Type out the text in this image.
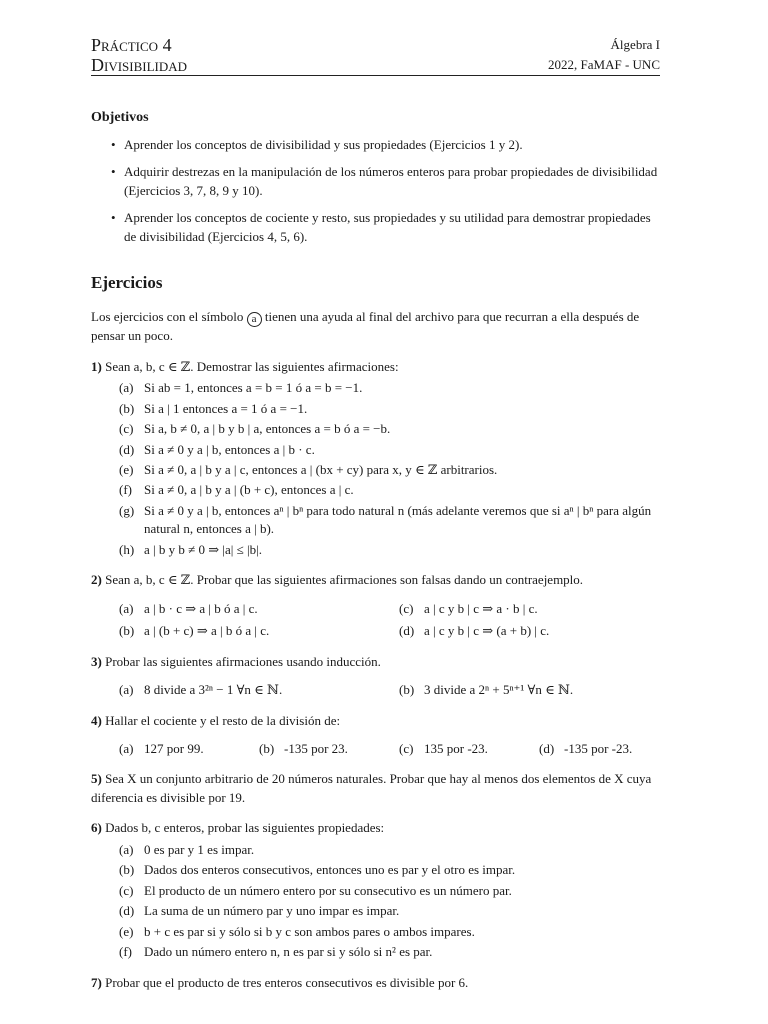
Práctico 4
Divisibilidad
Álgebra I
2022, FaMAF - UNC
Objetivos
• Aprender los conceptos de divisibilidad y sus propiedades (Ejercicios 1 y 2).
• Adquirir destrezas en la manipulación de los números enteros para probar propiedades de divisibilidad (Ejercicios 3, 7, 8, 9 y 10).
• Aprender los conceptos de cociente y resto, sus propiedades y su utilidad para demostrar propiedades de divisibilidad (Ejercicios 4, 5, 6).
Ejercicios

Los ejercicios con el símbolo a tienen una ayuda al final del archivo para que recurran a ella después de pensar un poco.

1) Sean a, b, c ∈ ℤ. Demostrar las siguientes afirmaciones:
(a) Si ab = 1, entonces a = b = 1 ó a = b = −1.
(b) Si a | 1 entonces a = 1 ó a = −1.
(c) Si a, b ≠ 0, a | b y b | a, entonces a = b ó a = −b.
(d) Si a ≠ 0 y a | b, entonces a | b · c.
(e) Si a ≠ 0, a | b y a | c, entonces a | (bx + cy) para x, y ∈ ℤ arbitrarios.
(f) Si a ≠ 0, a | b y a | (b + c), entonces a | c.
(g) Si a ≠ 0 y a | b, entonces aⁿ | bⁿ para todo natural n (más adelante veremos que si aⁿ | bⁿ para algún natural n, entonces a | b).
(h) a | b y b ≠ 0 ⇒ |a| ≤ |b|.
2) Sean a, b, c ∈ ℤ. Probar que las siguientes afirmaciones son falsas dando un contraejemplo.
(a) a | b · c ⇒ a | b ó a | c.	(c) a | c y b | c ⇒ a · b | c.
(b) a | (b + c) ⇒ a | b ó a | c.	(d) a | c y b | c ⇒ (a + b) | c.
3) Probar las siguientes afirmaciones usando inducción.
(a) 8 divide a 3²ⁿ − 1 ∀n ∈ ℕ.	(b) 3 divide a 2ⁿ + 5ⁿ⁺¹ ∀n ∈ ℕ.
4) Hallar el cociente y el resto de la división de:
(a) 127 por 99.	(b) -135 por 23.	(c) 135 por -23.	(d) -135 por -23.
5) Sea X un conjunto arbitrario de 20 números naturales. Probar que hay al menos dos elementos de X cuya diferencia es divisible por 19.
6) Dados b, c enteros, probar las siguientes propiedades:
(a) 0 es par y 1 es impar.
(b) Dados dos enteros consecutivos, entonces uno es par y el otro es impar.
(c) El producto de un número entero por su consecutivo es un número par.
(d) La suma de un número par y uno impar es impar.
(e) b + c es par si y sólo si b y c son ambos pares o ambos impares.
(f) Dado un número entero n, n es par si y sólo si n² es par.
7) Probar que el producto de tres enteros consecutivos es divisible por 6.
